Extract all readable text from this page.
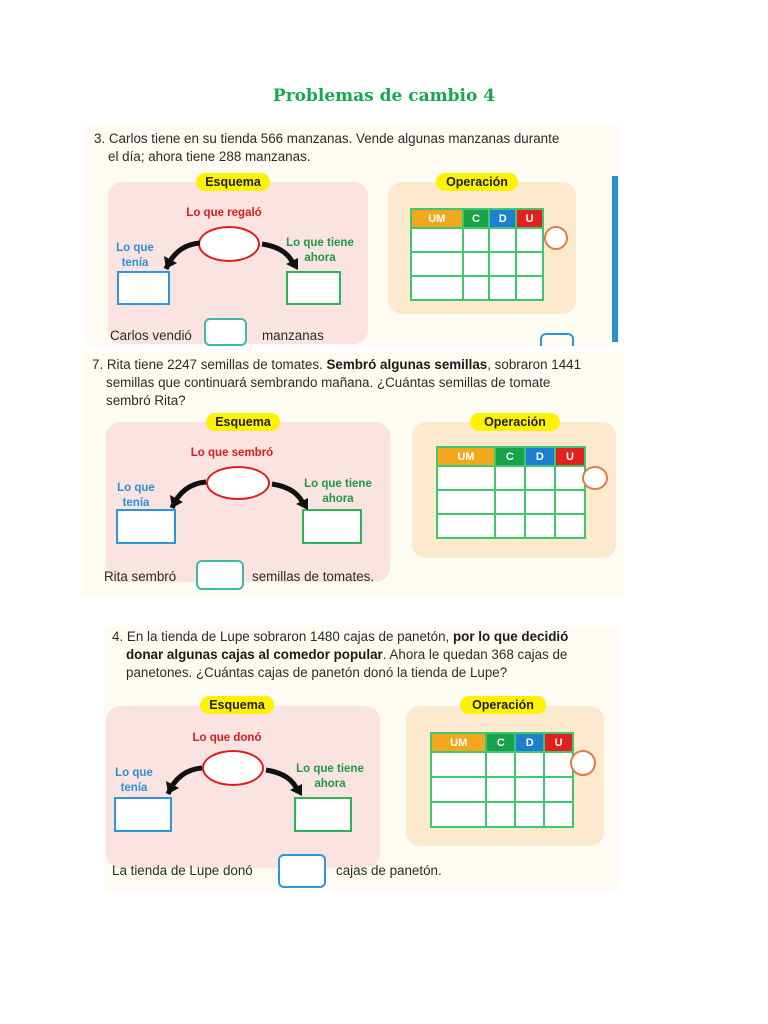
Problemas de cambio 4
3. Carlos tiene en su tienda 566 manzanas. Vende algunas manzanas durante
el día; ahora tiene 288 manzanas.
Esquema
Lo que regaló
Lo que
tenía
Lo que tiene
ahora
Operación
UM	C	D	U

Carlos vendió	manzanas
7. Rita tiene 2247 semillas de tomates. Sembró algunas semillas, sobraron 1441
semillas que continuará sembrando mañana. ¿Cuántas semillas de tomate
sembró Rita?
Esquema
Lo que sembró
Lo que
tenía
Lo que tiene
ahora
Operación
UM	C	D	U

Rita sembró	semillas de tomates.
4. En la tienda de Lupe sobraron 1480 cajas de panetón, por lo que decidió
donar algunas cajas al comedor popular. Ahora le quedan 368 cajas de
panetones. ¿Cuántas cajas de panetón donó la tienda de Lupe?
Esquema
Lo que donó
Lo que
tenía
Lo que tiene
ahora
Operación
UM	C	D	U

La tienda de Lupe donó	cajas de panetón.
